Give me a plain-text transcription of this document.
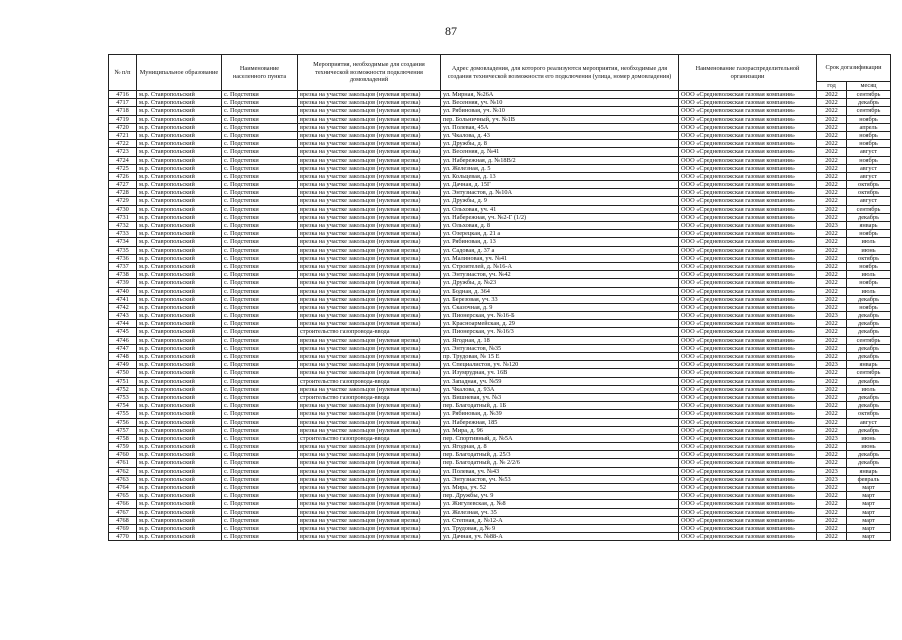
87
№ п/п	Муниципальное образование	Наименование населенного пункта	Мероприятия, необходимые для создания технической возможности подключения домовладений	Адрес домовладения, для которого реализуются мероприятия, необходимые для создания технической возможности его подключения (улица, номер домовладения)	Наименование газораспределительной организации	Срок догазификации	
						год	месяц
4716	м.р. Ставропольский	с. Подстепки	врезка на участке закольцов (нулевая врезка)	ул. Мирная, №26А	ООО «Средневолжская газовая компания»	2022	сентябрь
4717	м.р. Ставропольский	с. Подстепки	врезка на участке закольцов (нулевая врезка)	ул. Весенняя, уч. №10	ООО «Средневолжская газовая компания»	2022	декабрь
4718	м.р. Ставропольский	с. Подстепки	врезка на участке закольцов (нулевая врезка)	ул. Рябиновая, уч. №10	ООО «Средневолжская газовая компания»	2022	сентябрь
4719	м.р. Ставропольский	с. Подстепки	врезка на участке закольцов (нулевая врезка)	пер. Больничный, уч. №1В	ООО «Средневолжская газовая компания»	2022	ноябрь
4720	м.р. Ставропольский	с. Подстепки	врезка на участке закольцов (нулевая врезка)	ул. Полевая, 45А	ООО «Средневолжская газовая компания»	2022	апрель
4721	м.р. Ставропольский	с. Подстепки	врезка на участке закольцов (нулевая врезка)	ул. Чкалова, д. 43	ООО «Средневолжская газовая компания»	2022	ноябрь
4722	м.р. Ставропольский	с. Подстепки	врезка на участке закольцов (нулевая врезка)	ул. Дружбы, д. 8	ООО «Средневолжская газовая компания»	2022	ноябрь
4723	м.р. Ставропольский	с. Подстепки	врезка на участке закольцов (нулевая врезка)	ул. Весенняя, д. №41	ООО «Средневолжская газовая компания»	2022	август
4724	м.р. Ставропольский	с. Подстепки	врезка на участке закольцов (нулевая врезка)	ул. Набережная, д. №18В/2	ООО «Средневолжская газовая компания»	2022	ноябрь
4725	м.р. Ставропольский	с. Подстепки	врезка на участке закольцов (нулевая врезка)	ул. Железная, д. 5	ООО «Средневолжская газовая компания»	2022	август
4726	м.р. Ставропольский	с. Подстепки	врезка на участке закольцов (нулевая врезка)	ул. Кольцевая, д. 13	ООО «Средневолжская газовая компания»	2022	август
4727	м.р. Ставропольский	с. Подстепки	врезка на участке закольцов (нулевая врезка)	ул. Дачная, д. 15Г	ООО «Средневолжская газовая компания»	2022	октябрь
4728	м.р. Ставропольский	с. Подстепки	врезка на участке закольцов (нулевая врезка)	ул. Энтузиастов, д. №10А	ООО «Средневолжская газовая компания»	2022	октябрь
4729	м.р. Ставропольский	с. Подстепки	врезка на участке закольцов (нулевая врезка)	ул. Дружбы, д. 9	ООО «Средневолжская газовая компания»	2022	август
4730	м.р. Ставропольский	с. Подстепки	врезка на участке закольцов (нулевая врезка)	ул. Ольховая, уч. 41	ООО «Средневолжская газовая компания»	2022	сентябрь
4731	м.р. Ставропольский	с. Подстепки	врезка на участке закольцов (нулевая врезка)	ул. Набережная, уч. №2-Г (1/2)	ООО «Средневолжская газовая компания»	2022	декабрь
4732	м.р. Ставропольский	с. Подстепки	врезка на участке закольцов (нулевая врезка)	ул. Ольховая, д. 8	ООО «Средневолжская газовая компания»	2023	январь
4733	м.р. Ставропольский	с. Подстепки	врезка на участке закольцов (нулевая врезка)	ул. Озерецкая, д. 21 а	ООО «Средневолжская газовая компания»	2022	ноябрь
4734	м.р. Ставропольский	с. Подстепки	врезка на участке закольцов (нулевая врезка)	ул. Рябиновая, д. 13	ООО «Средневолжская газовая компания»	2022	июль
4735	м.р. Ставропольский	с. Подстепки	врезка на участке закольцов (нулевая врезка)	ул. Садовая, д. 37 а	ООО «Средневолжская газовая компания»	2022	июнь
4736	м.р. Ставропольский	с. Подстепки	врезка на участке закольцов (нулевая врезка)	ул. Малиновая, уч. №41	ООО «Средневолжская газовая компания»	2022	октябрь
4737	м.р. Ставропольский	с. Подстепки	врезка на участке закольцов (нулевая врезка)	ул. Строителей, д. №16-А	ООО «Средневолжская газовая компания»	2022	ноябрь
4738	м.р. Ставропольский	с. Подстепки	врезка на участке закольцов (нулевая врезка)	ул. Энтузиастов, уч. №42	ООО «Средневолжская газовая компания»	2022	июль
4739	м.р. Ставропольский	с. Подстепки	врезка на участке закольцов (нулевая врезка)	ул. Дружбы, д. №23	ООО «Средневолжская газовая компания»	2022	ноябрь
4740	м.р. Ставропольский	с. Подстепки	врезка на участке закольцов (нулевая врезка)	ул. Бодная, д. 364	ООО «Средневолжская газовая компания»	2022	июль
4741	м.р. Ставропольский	с. Подстепки	врезка на участке закольцов (нулевая врезка)	ул. Березовая, уч. 33	ООО «Средневолжская газовая компания»	2022	декабрь
4742	м.р. Ставропольский	с. Подстепки	врезка на участке закольцов (нулевая врезка)	ул. Сказочная, д. 9	ООО «Средневолжская газовая компания»	2022	ноябрь
4743	м.р. Ставропольский	с. Подстепки	врезка на участке закольцов (нулевая врезка)	ул. Пионерская, уч. №16-Б	ООО «Средневолжская газовая компания»	2023	декабрь
4744	м.р. Ставропольский	с. Подстепки	врезка на участке закольцов (нулевая врезка)	ул. Красноармейская, д. 29	ООО «Средневолжская газовая компания»	2022	декабрь
4745	м.р. Ставропольский	с. Подстепки	строительство газопровода-ввода	ул. Пионерская, уч. №16/3	ООО «Средневолжская газовая компания»	2022	декабрь
4746	м.р. Ставропольский	с. Подстепки	врезка на участке закольцов (нулевая врезка)	ул. Ягодная, д. 18	ООО «Средневолжская газовая компания»	2022	сентябрь
4747	м.р. Ставропольский	с. Подстепки	врезка на участке закольцов (нулевая врезка)	ул. Энтузиастов, №35	ООО «Средневолжская газовая компания»	2022	декабрь
4748	м.р. Ставропольский	с. Подстепки	врезка на участке закольцов (нулевая врезка)	пр. Трудовая, № 15 Е	ООО «Средневолжская газовая компания»	2022	декабрь
4749	м.р. Ставропольский	с. Подстепки	врезка на участке закольцов (нулевая врезка)	ул. Специалистов, уч. №120	ООО «Средневолжская газовая компания»	2023	январь
4750	м.р. Ставропольский	с. Подстепки	врезка на участке закольцов (нулевая врезка)	ул. Изумрудная, уч. 16В	ООО «Средневолжская газовая компания»	2022	сентябрь
4751	м.р. Ставропольский	с. Подстепки	строительство газопровода-ввода	ул. Западная, уч. №59	ООО «Средневолжская газовая компания»	2022	декабрь
4752	м.р. Ставропольский	с. Подстепки	врезка на участке закольцов (нулевая врезка)	ул. Чкалова, д. 93А	ООО «Средневолжская газовая компания»	2022	июль
4753	м.р. Ставропольский	с. Подстепки	строительство газопровода-ввода	ул. Вишневая, уч. №3	ООО «Средневолжская газовая компания»	2022	декабрь
4754	м.р. Ставропольский	с. Подстепки	врезка на участке закольцов (нулевая врезка)	пер. Благодатный, д. 1Б	ООО «Средневолжская газовая компания»	2022	декабрь
4755	м.р. Ставропольский	с. Подстепки	врезка на участке закольцов (нулевая врезка)	ул. Рябиновая, д. №39	ООО «Средневолжская газовая компания»	2022	октябрь
4756	м.р. Ставропольский	с. Подстепки	врезка на участке закольцов (нулевая врезка)	ул. Набережная, 185	ООО «Средневолжская газовая компания»	2022	август
4757	м.р. Ставропольский	с. Подстепки	врезка на участке закольцов (нулевая врезка)	ул. Мира, д. 96	ООО «Средневолжская газовая компания»	2022	декабрь
4758	м.р. Ставропольский	с. Подстепки	строительство газопровода-ввода	пер. Спортивный, д. №5А	ООО «Средневолжская газовая компания»	2023	июнь
4759	м.р. Ставропольский	с. Подстепки	врезка на участке закольцов (нулевая врезка)	ул. Ягодная, д. 8	ООО «Средневолжская газовая компания»	2022	июнь
4760	м.р. Ставропольский	с. Подстепки	врезка на участке закольцов (нулевая врезка)	пер. Благодатный, д. 25/3	ООО «Средневолжская газовая компания»	2022	декабрь
4761	м.р. Ставропольский	с. Подстепки	врезка на участке закольцов (нулевая врезка)	пер. Благодатный, д. № 2/2/6	ООО «Средневолжская газовая компания»	2022	декабрь
4762	м.р. Ставропольский	с. Подстепки	врезка на участке закольцов (нулевая врезка)	ул. Полевая, уч. №43	ООО «Средневолжская газовая компания»	2023	январь
4763	м.р. Ставропольский	с. Подстепки	врезка на участке закольцов (нулевая врезка)	ул. Энтузиастов, уч. №53	ООО «Средневолжская газовая компания»	2023	февраль
4764	м.р. Ставропольский	с. Подстепки	врезка на участке закольцов (нулевая врезка)	ул. Мира, уч. 52	ООО «Средневолжская газовая компания»	2022	март
4765	м.р. Ставропольский	с. Подстепки	врезка на участке закольцов (нулевая врезка)	пер. Дружбы, уч. 9	ООО «Средневолжская газовая компания»	2022	март
4766	м.р. Ставропольский	с. Подстепки	врезка на участке закольцов (нулевая врезка)	ул. Жигулевская, д. №8	ООО «Средневолжская газовая компания»	2022	март
4767	м.р. Ставропольский	с. Подстепки	врезка на участке закольцов (нулевая врезка)	ул. Железная, уч. 35	ООО «Средневолжская газовая компания»	2022	март
4768	м.р. Ставропольский	с. Подстепки	врезка на участке закольцов (нулевая врезка)	ул. Степная, д. №12-А	ООО «Средневолжская газовая компания»	2022	март
4769	м.р. Ставропольский	с. Подстепки	врезка на участке закольцов (нулевая врезка)	ул. Трудовая, д.№ 9	ООО «Средневолжская газовая компания»	2022	март
4770	м.р. Ставропольский	с. Подстепки	врезка на участке закольцов (нулевая врезка)	ул. Дачная, уч. №88-А	ООО «Средневолжская газовая компания»	2022	март
